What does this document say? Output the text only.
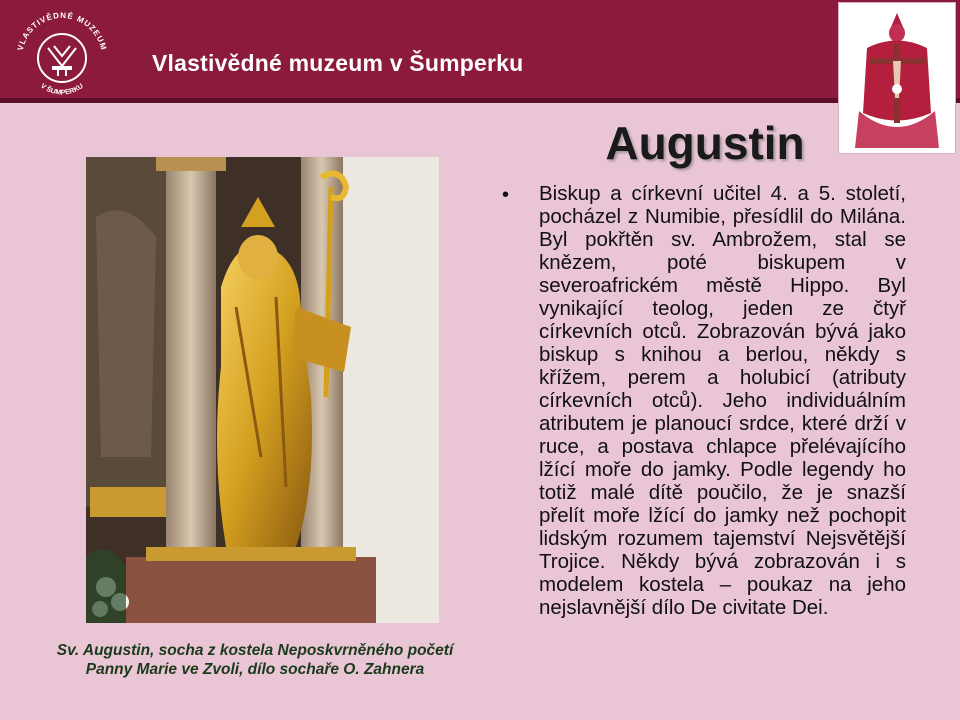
VLASTIVĚDNÉ MUZEUM
V ŠUMPERKU
Vlastivědné muzeum v Šumperku
Augustin
Sv. Augustin, socha z kostela Neposkvrněného početí
Panny Marie ve Zvoli, dílo sochaře O. Zahnera
• Biskup a církevní učitel 4. a 5. století, pocházel z Numibie, přesídlil do Milána. Byl pokřtěn sv. Ambrožem, stal se knězem, poté biskupem v severoafrickém městě Hippo. Byl vynikající teolog, jeden ze čtyř církevních otců. Zobrazován bývá jako biskup s knihou a berlou, někdy s křížem, perem a holubicí (atributy církevních otců). Jeho individuálním atributem je planoucí srdce, které drží v ruce, a postava chlapce přelévajícího lžící moře do jamky. Podle legendy ho totiž malé dítě poučilo, že je snazší přelít moře lžící do jamky než pochopit lidským rozumem tajemství Nejsvětější Trojice. Někdy bývá zobrazován i s modelem kostela – poukaz na jeho nejslavnější dílo De civitate Dei.
